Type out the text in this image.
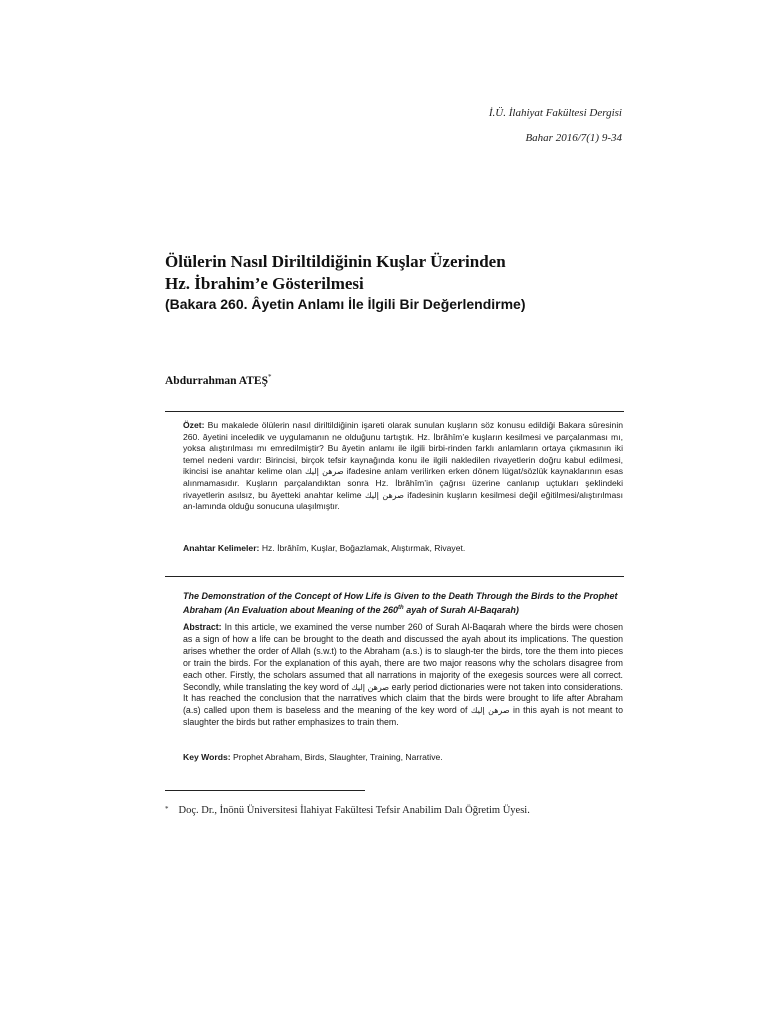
İ.Ü. İlahiyat Fakültesi Dergisi
Bahar 2016/7(1) 9-34
Ölülerin Nasıl Diriltildiğinin Kuşlar Üzerinden
Hz. İbrahim’e Gösterilmesi
(Bakara 260. Âyetin Anlamı İle İlgili Bir Değerlendirme)
Abdurrahman ATEŞ*
Özet: Bu makalede ölülerin nasıl diriltildiğinin işareti olarak sunulan kuşların söz konusu edildiği Bakara sûresinin 260. âyetini inceledik ve uygulamanın ne olduğunu tartıştık. Hz. İbrâhîm’e kuşların kesilmesi ve parçalanması mı, yoksa alıştırılması mı emredilmiştir? Bu âyetin anlamı ile ilgili birbi-rinden farklı anlamların ortaya çıkmasının iki temel nedeni vardır: Birincisi, birçok tefsir kaynağında konu ile ilgili nakledilen rivayetlerin doğru kabul edilmesi, ikincisi ise anahtar kelime olan صرهن إليك ifadesine anlam verilirken erken dönem lügat/sözlük kaynaklarının esas alınmamasıdır. Kuşların parçalandıktan sonra Hz. İbrâhîm’in çağrısı üzerine canlanıp uçtukları şeklindeki rivayetlerin asılsız, bu âyetteki anahtar kelime صرهن إليك ifadesinin kuşların kesilmesi değil eğitilmesi/alıştırılması an-lamında olduğu sonucuna ulaşılmıştır.
Anahtar Kelimeler: Hz. İbrâhîm, Kuşlar, Boğazlamak, Alıştırmak, Rivayet.
The Demonstration of the Concept of How Life is Given to the Death Through the Birds to the Prophet Abraham (An Evaluation about Meaning of the 260th ayah of Surah Al-Baqarah)
Abstract: In this article, we examined the verse number 260 of Surah Al-Baqarah where the birds were chosen as a sign of how a life can be brought to the death and discussed the ayah about its implications. The question arises whether the order of Allah (s.w.t) to the Abraham (a.s.) is to slaugh-ter the birds, tore the them into pieces or train the birds. For the explanation of this ayah, there are two major reasons why the scholars disagree from each other. Firstly, the scholars assumed that all narrations in majority of the exegesis sources were all correct. Secondly, while translating the key word of صرهن إليك early period dictionaries were not taken into considerations. It has reached the conclusion that the narratives which claim that the birds were brought to life after Abraham (a.s) called upon them is baseless and the meaning of the key word of صرهن إليك in this ayah is not meant to slaughter the birds but rather emphasizes to train them.
Key Words: Prophet Abraham, Birds, Slaughter, Training, Narrative.
* Doç. Dr., İnönü Üniversitesi İlahiyat Fakültesi Tefsir Anabilim Dalı Öğretim Üyesi.
